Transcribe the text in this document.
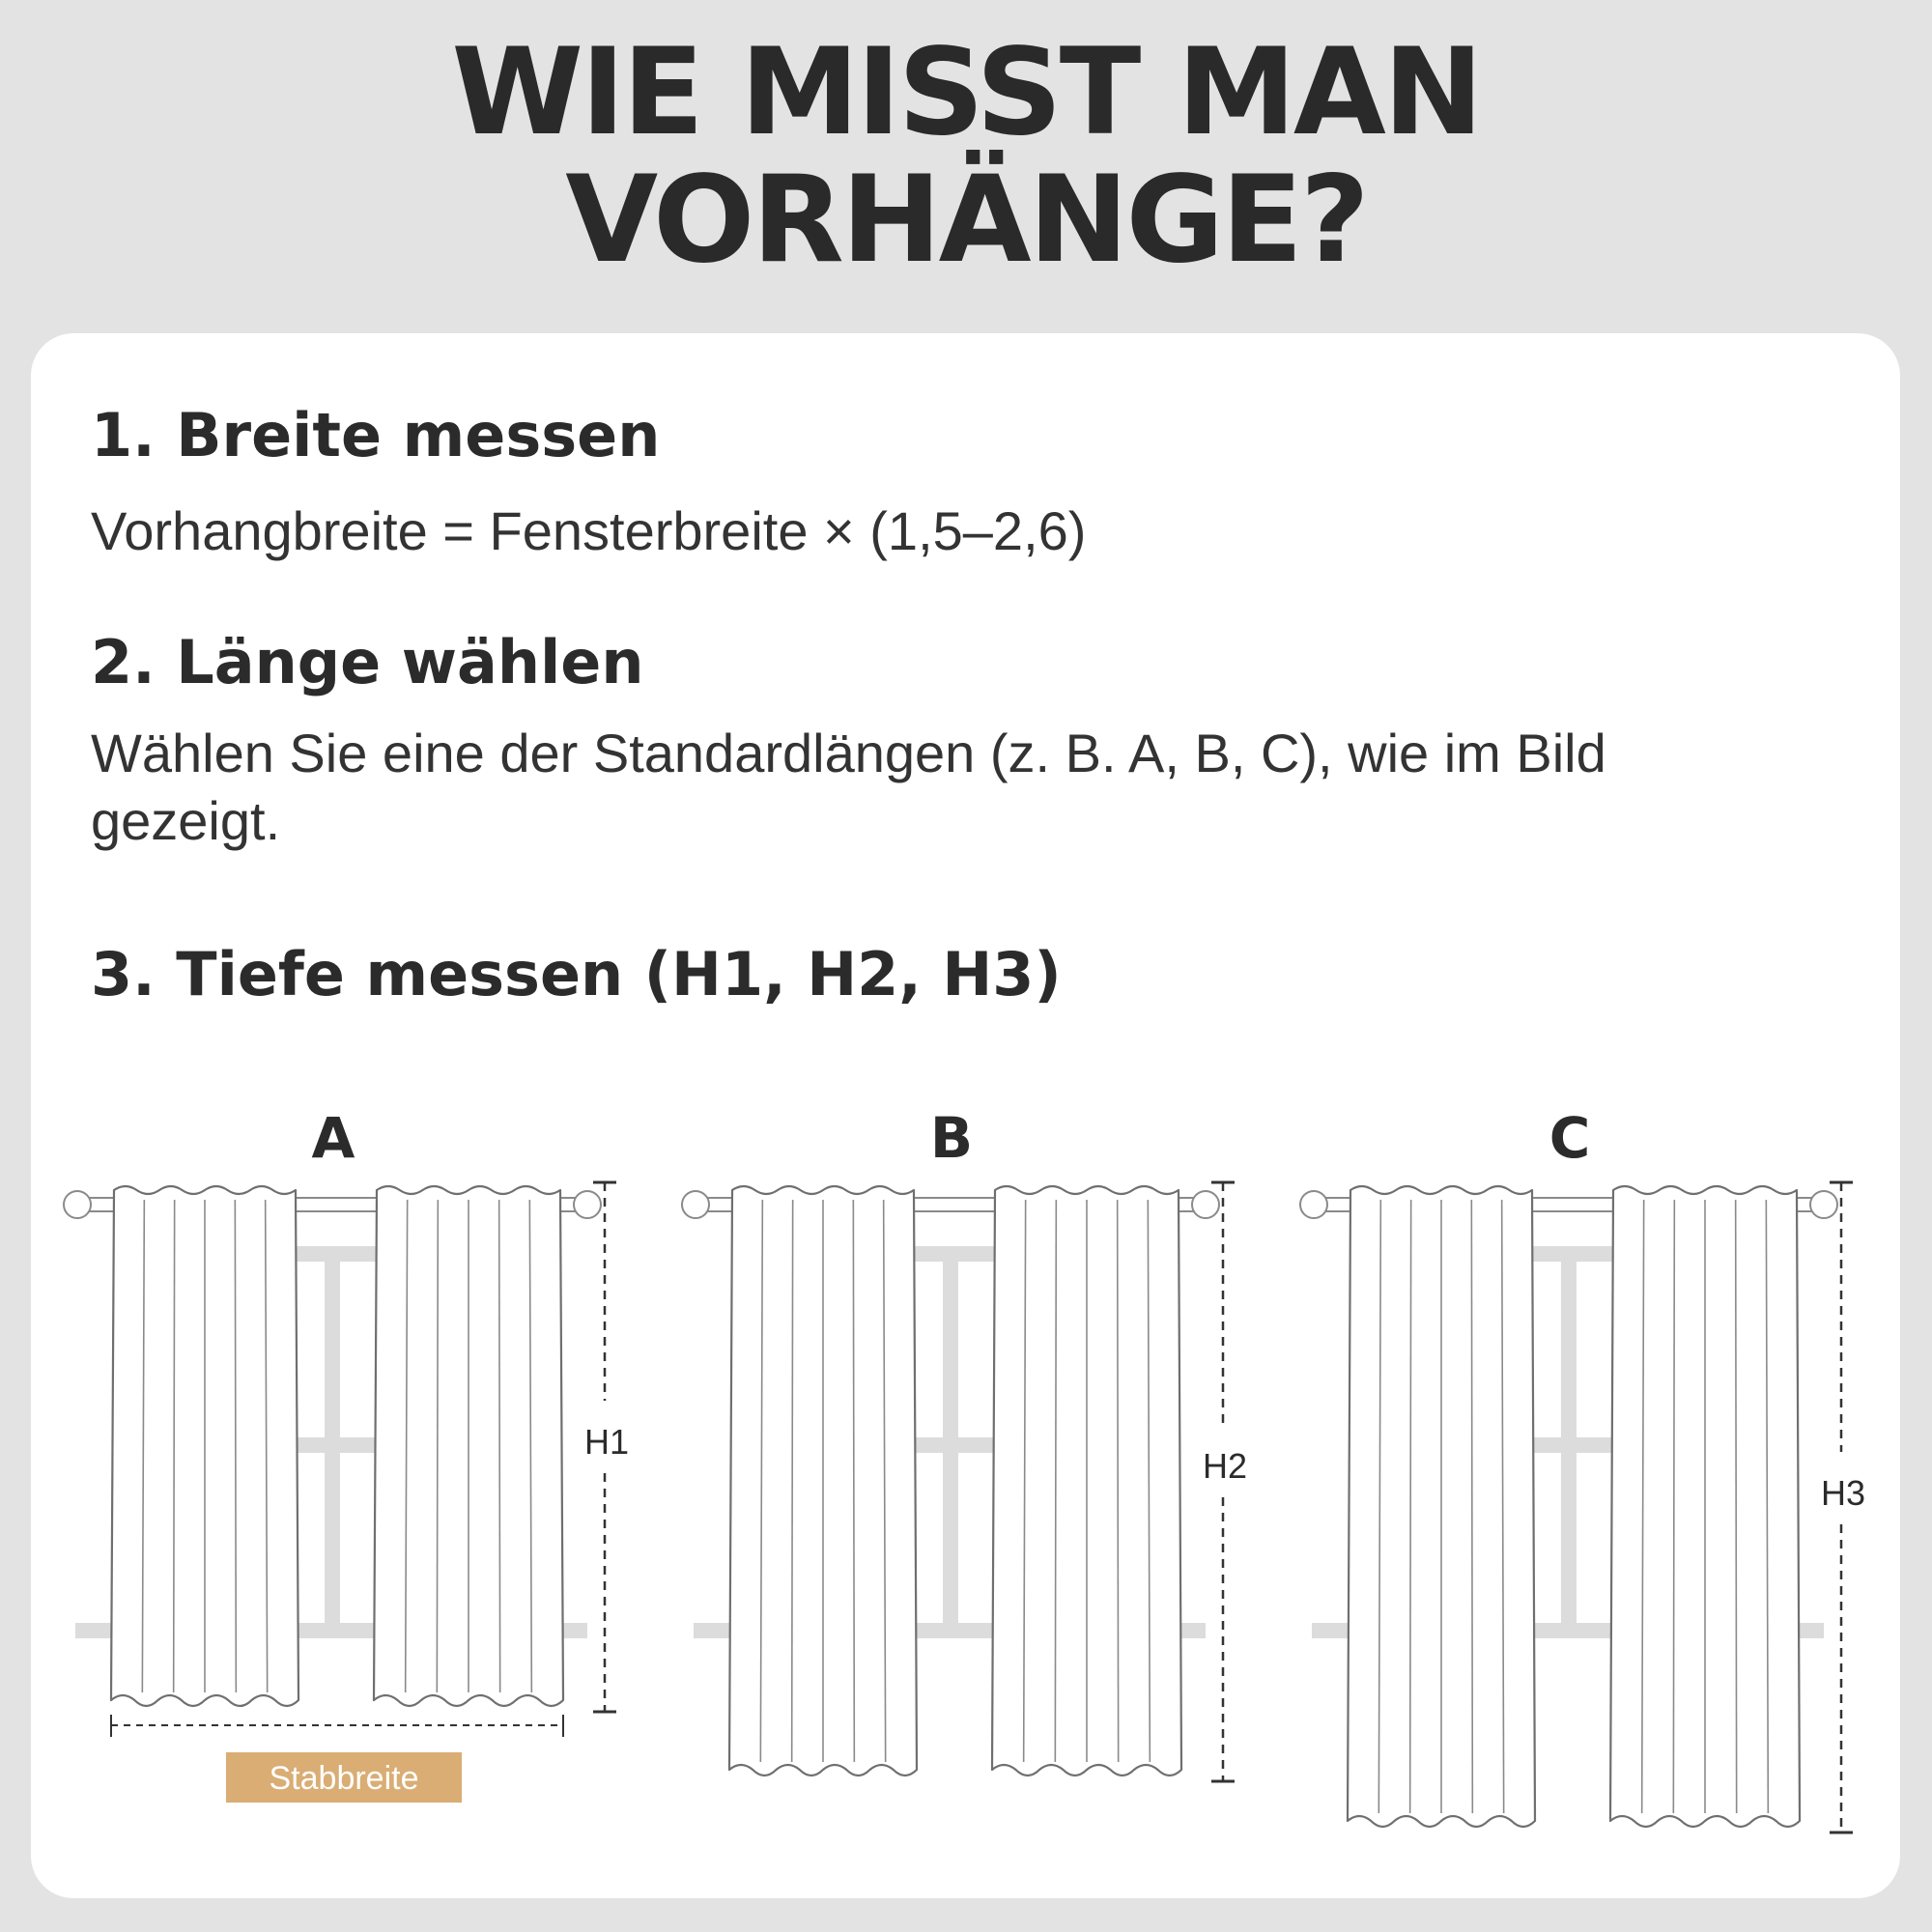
WIE MISST MAN
VORHÄNGE?
1. Breite messen

Vorhangbreite = Fensterbreite × (1,5–2,6)

2. Länge wählen

Wählen Sie eine der Standardlängen (z. B. A, B, C), wie im Bild gezeigt.

3. Tiefe messen (H1, H2, H3)
A
H1
Stabbreite
B
H2
C
H3
